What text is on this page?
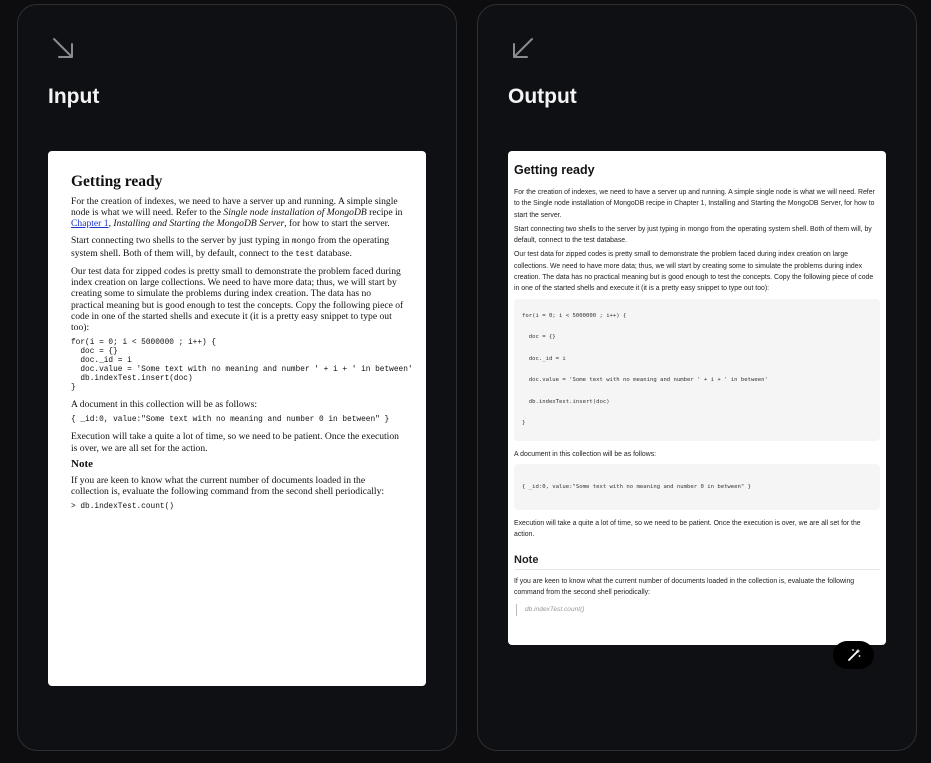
Input
Getting ready

For the creation of indexes, we need to have a server up and running. A simple single node is what we will need. Refer to the Single node installation of MongoDB recipe in Chapter 1, Installing and Starting the MongoDB Server, for how to start the server.

Start connecting two shells to the server by just typing in mongo from the operating system shell. Both of them will, by default, connect to the test database.

Our test data for zipped codes is pretty small to demonstrate the problem faced during index creation on large collections. We need to have more data; thus, we will start by creating some to simulate the problems during index creation. The data has no practical meaning but is good enough to test the concepts. Copy the following piece of code in one of the started shells and execute it (it is a pretty easy snippet to type out too):

for(i = 0; i < 5000000 ; i++) {
doc = {}
doc._id = i
doc.value = 'Some text with no meaning and number ' + i + ' in between'
db.indexTest.insert(doc)
}

A document in this collection will be as follows:

{ _id:0, value:"Some text with no meaning and number 0 in between" }

Execution will take a quite a lot of time, so we need to be patient. Once the execution is over, we are all set for the action.

Note

If you are keen to know what the current number of documents loaded in the collection is, evaluate the following command from the second shell periodically:

> db.indexTest.count()
Output
Getting ready

For the creation of indexes, we need to have a server up and running. A simple single node is what we will need. Refer to the Single node installation of MongoDB recipe in Chapter 1, Installing and Starting the MongoDB Server, for how to start the server.

Start connecting two shells to the server by just typing in mongo from the operating system shell. Both of them will, by default, connect to the test database.

Our test data for zipped codes is pretty small to demonstrate the problem faced during index creation on large collections. We need to have more data; thus, we will start by creating some to simulate the problems during index creation. The data has no practical meaning but is good enough to test the concepts. Copy the following piece of code in one of the started shells and execute it (it is a pretty easy snippet to type out too):

for(i = 0; i < 5000000 ; i++) {
doc = {}
doc._id = i
doc.value = 'Some text with no meaning and number ' + i + ' in between'
db.indexTest.insert(doc)
}

A document in this collection will be as follows:

{ _id:0, value:"Some text with no meaning and number 0 in between" }

Execution will take a quite a lot of time, so we need to be patient. Once the execution is over, we are all set for the action.

Note

If you are keen to know what the current number of documents loaded in the collection is, evaluate the following command from the second shell periodically:

db.indexTest.count()
